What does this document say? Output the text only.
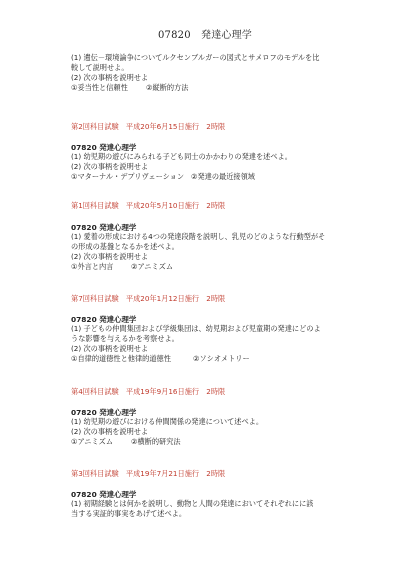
07820　発達心理学
(1) 遺伝－環境論争についてルクセンブルガーの図式とサメロフのモデルを比
較して説明せよ。
(2) 次の事柄を説明せよ
①妥当性と信頼性	②縦断的方法
第2回科目試験　平成20年6月15日施行　2時限
07820 発達心理学
(1) 幼児期の遊びにみられる子ども同士のかかわりの発達を述べよ。
(2) 次の事柄を説明せよ
①マターナル・デプリヴェーション ②発達の最近接領域
第1回科目試験　平成20年5月10日施行　2時限
07820 発達心理学
(1) 愛着の形成における4つの発達段階を説明し、乳児のどのような行動型がそ
の形成の基盤となるかを述べよ。
(2) 次の事柄を説明せよ
①外言と内言 ②アニミズム
第7回科目試験　平成20年1月12日施行　2時限
07820 発達心理学
(1) 子どもの仲間集団および学級集団は、幼児期および児童期の発達にどのよ
うな影響を与えるかを考察せよ。
(2) 次の事柄を説明せよ
①自律的道徳性と他律的道徳性	②ソシオメトリー
第4回科目試験　平成19年9月16日施行　2時限
07820 発達心理学
(1) 幼児期の遊びにおける仲間関係の発達について述べよ。
(2) 次の事柄を説明せよ
①アニミズム ②横断的研究法
第3回科目試験　平成19年7月21日施行　2時限
07820 発達心理学
(1) 初期経験とは何かを説明し、動物と人間の発達においてそれぞれにに該
当する実証的事実をあげて述べよ。
